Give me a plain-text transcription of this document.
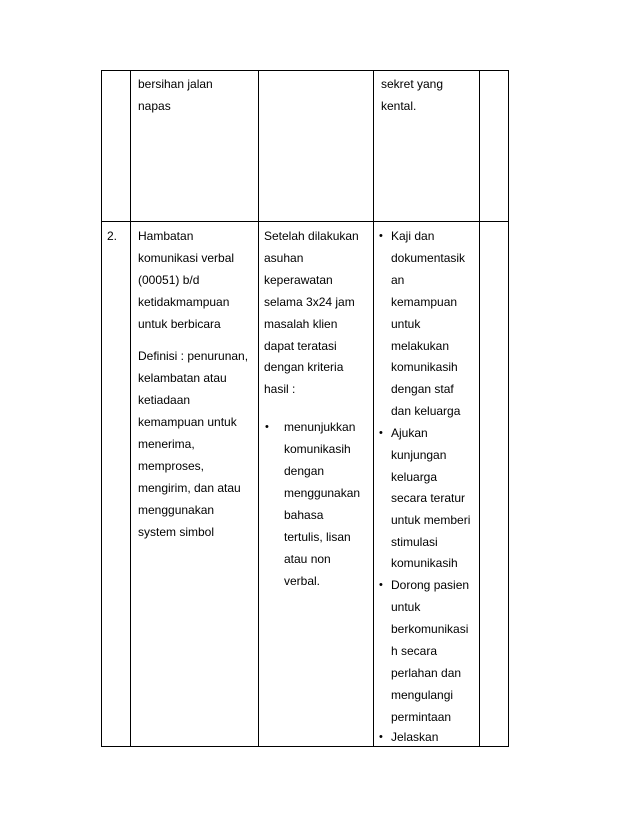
bersihan jalan
napas
sekret yang
kental.
2. Hambatan
komunikasi verbal
(00051) b/d
ketidakmampuan
untuk berbicara
Definisi : penurunan,
kelambatan atau
ketiadaan
kemampuan untuk
menerima,
memproses,
mengirim, dan atau
menggunakan
system simbol
Setelah dilakukan
asuhan
keperawatan
selama 3x24 jam
masalah klien
dapat teratasi
dengan kriteria
hasil :
• menunjukkan
komunikasih
dengan
menggunakan
bahasa
tertulis, lisan
atau non
verbal.
• Kaji dan
dokumentasik
an
kemampuan
untuk
melakukan
komunikasih
dengan staf
dan keluarga
• Ajukan
kunjungan
keluarga
secara teratur
untuk memberi
stimulasi
komunikasih
• Dorong pasien
untuk
berkomunikasi
h secara
perlahan dan
mengulangi
permintaan
• Jelaskan
